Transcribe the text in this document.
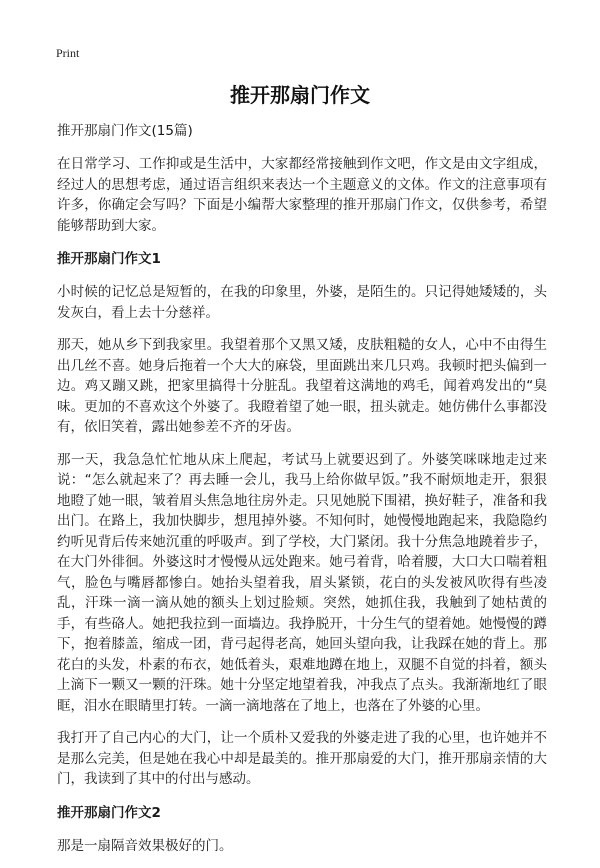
Print
推开那扇门作文
推开那扇门作文(15篇)

在日常学习、工作抑或是生活中，大家都经常接触到作文吧，作文是由文字组成，经过人的思想考虑，通过语言组织来表达一个主题意义的文体。作文的注意事项有许多，你确定会写吗？下面是小编帮大家整理的推开那扇门作文，仅供参考，希望能够帮助到大家。

推开那扇门作文1

小时候的记忆总是短暂的，在我的印象里，外婆，是陌生的。只记得她矮矮的，头发灰白，看上去十分慈祥。

那天，她从乡下到我家里。我望着那个又黑又矮，皮肤粗糙的女人，心中不由得生出几丝不喜。她身后拖着一个大大的麻袋，里面跳出来几只鸡。我顿时把头偏到一边。鸡又蹦又跳，把家里搞得十分脏乱。我望着这满地的鸡毛，闻着鸡发出的“臭味。更加的不喜欢这个外婆了。我瞪着望了她一眼，扭头就走。她仿佛什么事都没有，依旧笑着，露出她参差不齐的牙齿。

那一天，我急急忙忙地从床上爬起，考试马上就要迟到了。外婆笑咪咪地走过来说：“怎么就起来了？再去睡一会儿，我马上给你做早饭。”我不耐烦地走开，狠狠地瞪了她一眼，皱着眉头焦急地往房外走。只见她脱下围裙，换好鞋子，准备和我出门。在路上，我加快脚步，想甩掉外婆。不知何时，她慢慢地跑起来，我隐隐约约听见背后传来她沉重的呼吸声。到了学校，大门紧闭。我十分焦急地蹺着步子，在大门外徘徊。外婆这时才慢慢从远处跑来。她弓着背，哈着腰，大口大口喘着粗气，脸色与嘴唇都惨白。她抬头望着我，眉头紧锁，花白的头发被风吹得有些凌乱，汗珠一滴一滴从她的额头上划过脸颊。突然，她抓住我，我触到了她枯黄的手，有些硌人。她把我拉到一面墙边。我挣脱开，十分生气的望着她。她慢慢的蹲下，抱着膝盖，缩成一团，背弓起得老高，她回头望向我，让我踩在她的背上。那花白的头发，朴素的布衣，她低着头，艰难地蹲在地上，双腿不自觉的抖着，额头上滴下一颗又一颗的汗珠。她十分坚定地望着我，冲我点了点头。我渐渐地红了眼眶，泪水在眼睛里打转。一滴一滴地落在了地上，也落在了外婆的心里。

我打开了自己内心的大门，让一个质朴又爱我的外婆走进了我的心里，也许她并不是那么完美，但是她在我心中却是最美的。推开那扇爱的大门，推开那扇亲情的大门，我读到了其中的付出与感动。

推开那扇门作文2

那是一扇隔音效果极好的门。
